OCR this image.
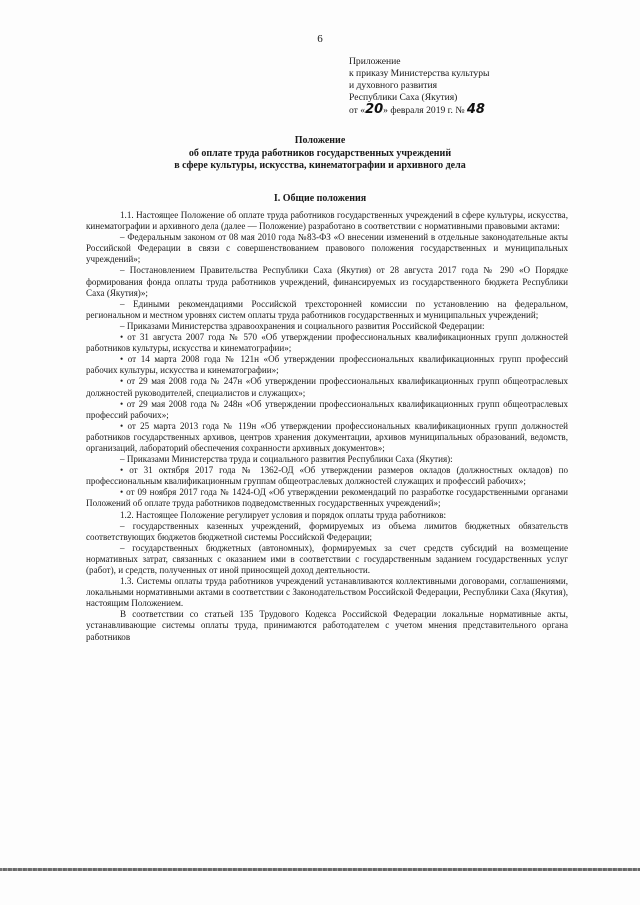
6
Приложение
к приказу Министерства культуры
и духовного развития
Республики Саха (Якутия)
от «20» февраля 2019 г. № 48
Положение
об оплате труда работников государственных учреждений
в сфере культуры, искусства, кинематографии и архивного дела
I. Общие положения

1.1. Настоящее Положение об оплате труда работников государственных учреждений в сфере культуры, искусства, кинематографии и архивного дела (далее — Положение) разработано в соответствии с нормативными правовыми актами:

– Федеральным законом от 08 мая 2010 года №83-ФЗ «О внесении изменений в отдельные законодательные акты Российской Федерации в связи с совершенствованием правового положения государственных и муниципальных учреждений»;

– Постановлением Правительства Республики Саха (Якутия) от 28 августа 2017 года № 290 «О Порядке формирования фонда оплаты труда работников учреждений, финансируемых из государственного бюджета Республики Саха (Якутия)»;

– Едиными рекомендациями Российской трехсторонней комиссии по установлению на федеральном, региональном и местном уровнях систем оплаты труда работников государственных и муниципальных учреждений;

– Приказами Министерства здравоохранения и социального развития Российской Федерации:

• от 31 августа 2007 года № 570 «Об утверждении профессиональных квалификационных групп должностей работников культуры, искусства и кинематографии»;

• от 14 марта 2008 года № 121н «Об утверждении профессиональных квалификационных групп профессий рабочих культуры, искусства и кинематографии»;

• от 29 мая 2008 года № 247н «Об утверждении профессиональных квалификационных групп общеотраслевых должностей руководителей, специалистов и служащих»;

• от 29 мая 2008 года № 248н «Об утверждении профессиональных квалификационных групп общеотраслевых профессий рабочих»;

• от 25 марта 2013 года № 119н «Об утверждении профессиональных квалификационных групп должностей работников государственных архивов, центров хранения документации, архивов муниципальных образований, ведомств, организаций, лабораторий обеспечения сохранности архивных документов»;

– Приказами Министерства труда и социального развития Республики Саха (Якутия):

• от 31 октября 2017 года № 1362-ОД «Об утверждении размеров окладов (должностных окладов) по профессиональным квалификационным группам общеотраслевых должностей служащих и профессий рабочих»;

• от 09 ноября 2017 года № 1424-ОД «Об утверждении рекомендаций по разработке государственными органами Положений об оплате труда работников подведомственных государственных учреждений»;

1.2. Настоящее Положение регулирует условия и порядок оплаты труда работников:

– государственных казенных учреждений, формируемых из объема лимитов бюджетных обязательств соответствующих бюджетов бюджетной системы Российской Федерации;

– государственных бюджетных (автономных), формируемых за счет средств субсидий на возмещение нормативных затрат, связанных с оказанием ими в соответствии с государственным заданием государственных услуг (работ), и средств, полученных от иной приносящей доход деятельности.

1.3. Системы оплаты труда работников учреждений устанавливаются коллективными договорами, соглашениями, локальными нормативными актами в соответствии с Законодательством Российской Федерации, Республики Саха (Якутия), настоящим Положением.

В соответствии со статьей 135 Трудового Кодекса Российской Федерации локальные нормативные акты, устанавливающие системы оплаты труда, принимаются работодателем с учетом мнения представительного органа работников
